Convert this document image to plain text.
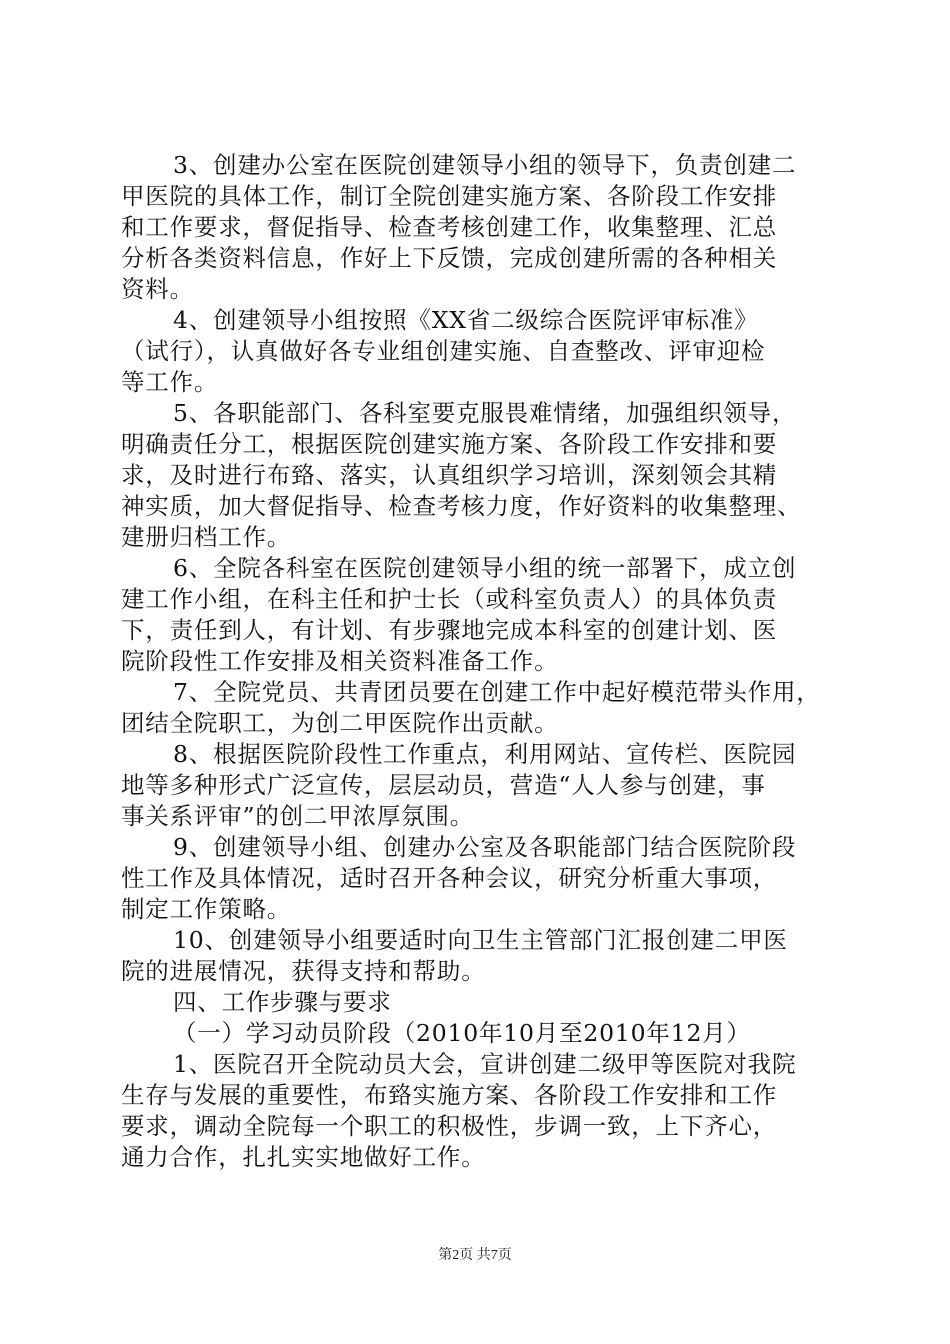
3、创建办公室在医院创建领导小组的领导下，负责创建二
甲医院的具体工作，制订全院创建实施方案、各阶段工作安排
和工作要求，督促指导、检查考核创建工作，收集整理、汇总
分析各类资料信息，作好上下反馈，完成创建所需的各种相关
资料。
4、创建领导小组按照《XX省二级综合医院评审标准》
（试行），认真做好各专业组创建实施、自查整改、评审迎检
等工作。
5、各职能部门、各科室要克服畏难情绪，加强组织领导，
明确责任分工，根据医院创建实施方案、各阶段工作安排和要
求，及时进行布臵、落实，认真组织学习培训，深刻领会其精
神实质，加大督促指导、检查考核力度，作好资料的收集整理、
建册归档工作。
6、全院各科室在医院创建领导小组的统一部署下，成立创
建工作小组，在科主任和护士长（或科室负责人）的具体负责
下，责任到人，有计划、有步骤地完成本科室的创建计划、医
院阶段性工作安排及相关资料准备工作。
7、全院党员、共青团员要在创建工作中起好模范带头作用，
团结全院职工，为创二甲医院作出贡献。
8、根据医院阶段性工作重点，利用网站、宣传栏、医院园
地等多种形式广泛宣传，层层动员，营造“人人参与创建，事
事关系评审”的创二甲浓厚氛围。
9、创建领导小组、创建办公室及各职能部门结合医院阶段
性工作及具体情况，适时召开各种会议，研究分析重大事项，
制定工作策略。
10、创建领导小组要适时向卫生主管部门汇报创建二甲医
院的进展情况，获得支持和帮助。
四、工作步骤与要求
（一）学习动员阶段（2010年10月至2010年12月）
1、医院召开全院动员大会，宣讲创建二级甲等医院对我院
生存与发展的重要性，布臵实施方案、各阶段工作安排和工作
要求，调动全院每一个职工的积极性，步调一致，上下齐心，
通力合作，扎扎实实地做好工作。
第2页 共7页
